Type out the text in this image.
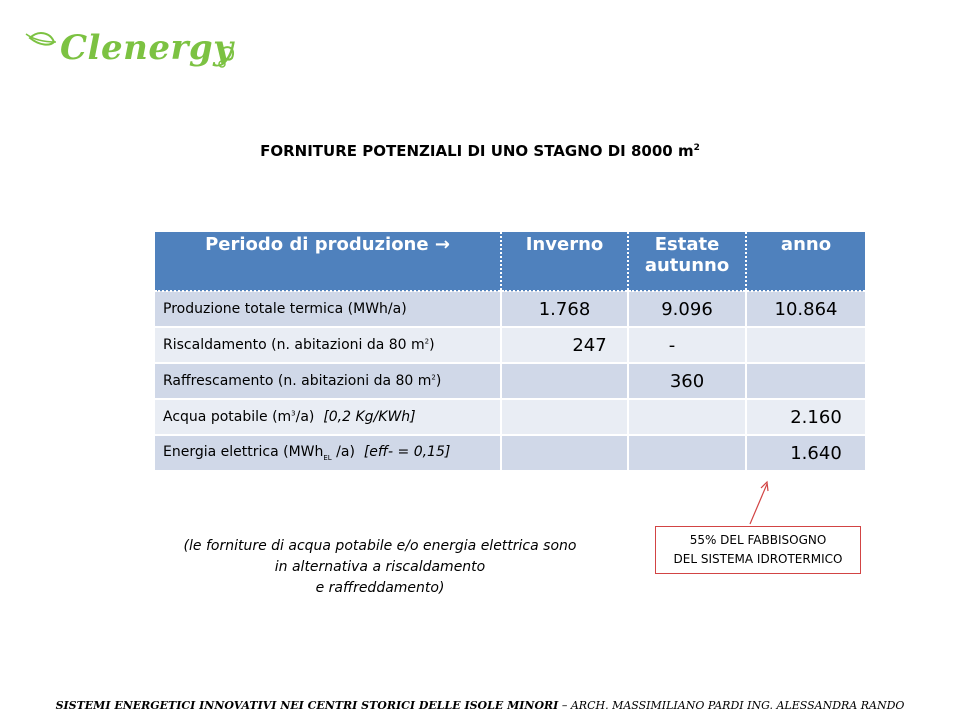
Clenergy
FORNITURE POTENZIALI DI UNO STAGNO DI 8000 $m^2$
Periodo di produzione →	Inverno	Estate autunno	anno
Produzione totale termica (MWh/a)	1.768	9.096	10.864
Riscaldamento (n. abitazioni da 80 $m^2$)	247	-	
Raffrescamento (n. abitazioni da 80 $m^2$)		360	
Acqua potabile $(m^3/a)$ [0,2 Kg/KWh]			2.160
Energia elettrica (MWh$_{EL}$ /a) [eff- = 0,15]			1.640
55% DEL FABBISOGNO
DEL SISTEMA IDROTERMICO
(le forniture di acqua potabile e/o energia elettrica sono
in alternativa a riscaldamento
e raffreddamento)
SISTEMI ENERGETICI INNOVATIVI NEI CENTRI STORICI DELLE ISOLE MINORI – ARCH. MASSIMILIANO PARDI ING. ALESSANDRA RANDO
